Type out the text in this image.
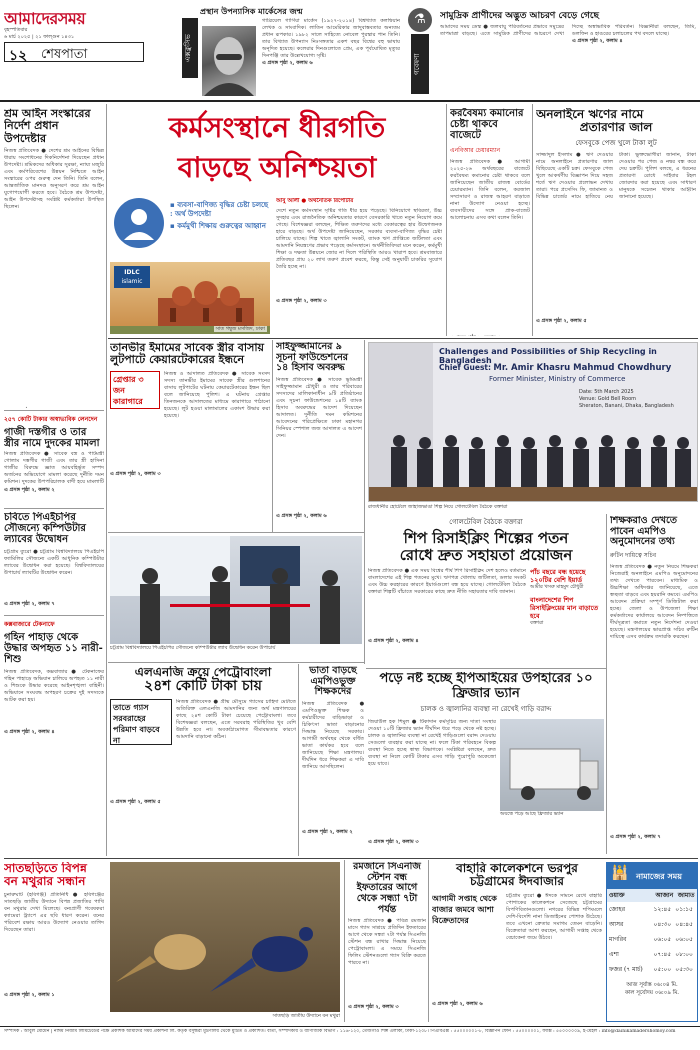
আমাদেরসময়
বৃহস্পতিবার
৬ মার্চ ২০২৫ | ২১ ফাল্গুন ১৪৩১
১২ শেষপাতা	এক্সক্লুসিভ
প্রস্থান উপন্যাসিক মার্কেসের জন্ম
গাব্রিয়েল গার্সিয়া মার্কেস (১৯২৭-২০১৪) বিশ্বখ্যাত কলম্বিয়ান লেখক ও সাংবাদিক। লাতিন আমেরিকার জাদুবাস্তবতার অন্যতম প্রধান রূপকার। ১৯৮২ সালে সাহিত্যে নোবেল পুরস্কার পান তিনি। তার বিখ্যাত উপন্যাস নিঃসঙ্গতার একশ বছর বিশ্বের বহু ভাষায় অনূদিত হয়েছে। কলেরার দিনগুলোতে প্রেম, এক পূর্বঘোষিত মৃত্যুর দিনপঞ্জি তার উল্লেখযোগ্য সৃষ্টি।
এ প্রসঙ্গ পৃষ্ঠা ২, কলাম ৬
⚗
গবেষণা
সামুদ্রিক প্রাণীদের অদ্ভুত আচরণ বেড়ে গেছে
আমাদের সময় ডেস্ক ● জলবায়ু পরিবর্তনের প্রভাবে সমুদ্রের তাপমাত্রা বাড়ছে। এতে সামুদ্রিক প্রাণীদের আচরণে দেখা দিচ্ছে অস্বাভাবিক পরিবর্তন। বিজ্ঞানীরা বলছেন, তিমি, ডলফিন ও হাঙরের চলাচলের পথ বদলে যাচ্ছে।
এ প্রসঙ্গ পৃষ্ঠা ২, কলাম ৪
শ্রম আইন সংস্কারের নির্দেশ প্রধান উপদেষ্টার
নিজস্ব প্রতিবেদক ● দেশের শ্রম আইনের বিভিন্ন ধারায় সংশোধনের দিকনির্দেশনা দিয়েছেন প্রধান উপদেষ্টা। শ্রমিকদের অধিকার সুরক্ষা, ন্যায্য মজুরি এবং কর্মপরিবেশের উন্নয়ন নিশ্চিতে আইন সংস্কারের ওপর গুরুত্ব দেন তিনি। তিনি বলেন, আন্তর্জাতিক মানদণ্ড অনুসরণ করে শ্রম আইন যুগোপযোগী করতে হবে। বৈঠকে শ্রম উপদেষ্টা, আইন উপদেষ্টাসহ সংশ্লিষ্ট কর্মকর্তারা উপস্থিত ছিলেন।
২৫৭ কোটি টাকার অস্বাভাবিক লেনদেন
গাজী দস্তগীর ও তার স্ত্রীর নামে দুদকের মামলা
নিজস্ব প্রতিবেদক ● সাবেক বস্ত্র ও পাটমন্ত্রী গোলাম দস্তগীর গাজী এবং তার স্ত্রী হাসিনা গাজীর বিরুদ্ধে জ্ঞাত আয়বহির্ভূত সম্পদ অর্জনের অভিযোগে মামলা করেছে দুর্নীতি দমন কমিশন। দুদকের উপপরিচালক বাদী হয়ে মামলাটি
এ প্রসঙ্গ পৃষ্ঠা ২, কলাম ২
চবিতে পিএইচপির সৌজন্যে কম্পিউটার ল্যাবের উদ্বোধন
চট্টগ্রাম ব্যুরো ● চট্টগ্রাম বিশ্ববিদ্যালয়ে পিএইচপি ফ্যামিলির সৌজন্যে একটি আধুনিক কম্পিউটার ল্যাবের উদ্বোধন করা হয়েছে। বিশ্ববিদ্যালয়ের উপাচার্য ল্যাবটির উদ্বোধন করেন।
এ প্রসঙ্গ পৃষ্ঠা ২, কলাম ৭
কক্সবাজারে টেকনাফে
গহিন পাহাড় থেকে উদ্ধার অপহৃত ১১ নারী-শিশু
নিজস্ব প্রতিবেদক, কক্সবাজার ● টেকনাফের গহিন পাহাড়ে অভিযান চালিয়ে অপহৃত ১১ নারী ও শিশুকে উদ্ধার করেছে আইনশৃঙ্খলা বাহিনী। অভিযানে সংঘবদ্ধ অপহরণ চক্রের দুই সদস্যকে আটক করা হয়।
এ প্রসঙ্গ পৃষ্ঠা ২, কলাম ৪
কর্মসংস্থানে ধীরগতি
বাড়ছে অনিশ্চয়তা
▪ ব্যবসা-বাণিজ্য বৃদ্ধির চেষ্টা চলছে : অর্থ উপদেষ্টা
▪ কর্মমুখী শিক্ষায় গুরুত্বের আহ্বান
আবু আলী ● অর্থনৈতিক রিপোর্টার
দেশে নতুন কর্মসংস্থান সৃষ্টির গতি ধীর হয়ে পড়েছে। বিনিয়োগে স্থবিরতা, উচ্চ সুদহার এবং রাজনৈতিক অনিশ্চয়তার কারণে বেসরকারি খাতে নতুন নিয়োগ কমে গেছে। বিশেষজ্ঞরা বলছেন, শিক্ষিত তরুণদের মধ্যে বেকারত্বের হার উদ্বেগজনক হারে বাড়ছে। অর্থ উপদেষ্টা জানিয়েছেন, সরকার ব্যবসা-বাণিজ্য বৃদ্ধির চেষ্টা চালিয়ে যাচ্ছে। শিল্প খাতে জ্বালানি সংকট, ব্যাংক ঋণ প্রাপ্তিতে জটিলতা এবং আমদানি নিয়ন্ত্রণের প্রভাব পড়েছে কর্মসংস্থানে। অর্থনীতিবিদরা মনে করেন, কর্মমুখী শিক্ষা ও দক্ষতা উন্নয়নে জোর না দিলে পরিস্থিতি আরও খারাপ হবে। শ্রমবাজারে প্রতিবছর প্রায় ২০ লাখ তরুণ প্রবেশ করছে, কিন্তু সেই অনুযায়ী চাকরির সুযোগ তৈরি হচ্ছে না।
এ প্রসঙ্গ পৃষ্ঠা ২, কলাম ৩
IDLC
islamic
সাত গম্বুজ মসজিদ, ঢাকা
করবৈষম্য কমানোর চেষ্টা থাকবে বাজেটে
এনবিআর চেয়ারম্যান
নিজস্ব প্রতিবেদক ● আগামী ২০২৫-২৬ অর্থবছরের বাজেটে করবৈষম্য কমানোর চেষ্টা থাকবে বলে জানিয়েছেন জাতীয় রাজস্ব বোর্ডের চেয়ারম্যান। তিনি বলেন, করজাল সম্প্রসারণ ও রাজস্ব আহরণ বাড়াতে নানা উদ্যোগ নেওয়া হচ্ছে। ব্যবসায়ীদের সঙ্গে প্রাক-বাজেট আলোচনায় এসব কথা বলেন তিনি।
অনলাইনে ঋণের নামে
প্রতারণার জাল
ফেসবুকে পেজ খুলে টাকা লুট
সাজ্জাদুল ইসলাম ● ঋণ দেওয়ার নামে অনলাইনে প্রতারণার জাল বিছিয়েছে একটি চক্র। ফেসবুকে পেজ খুলে আকর্ষণীয় বিজ্ঞাপন দিয়ে সহজ শর্তে ঋণ দেওয়ার প্রলোভন দেখায় তারা। পরে প্রসেসিং ফি, জামানত ও বিভিন্ন চার্জের নামে হাতিয়ে নেয় টাকা। ভুক্তভোগীরা জানান, টাকা দেওয়ার পর পেজ ও নম্বর বন্ধ করে দেয় চক্রটি। পুলিশ বলছে, এ ধরনের প্রতারণা রোধে সাইবার টহল জোরদার করা হয়েছে এবং সাধারণ মানুষকে সচেতন থাকার আহ্বান জানানো হয়েছে।
এ প্রসঙ্গ পৃষ্ঠা ২, কলাম ৫
তানভীর ইমামের সাবেক স্ত্রীর বাসায় লুটপাটে কেয়ারটেকারের ইন্ধনে
গ্রেপ্তার ৩ জন কারাগারে
নিজস্ব ও আদালত প্রতিবেদক ● সাবেক সংসদ সদস্য তানভীর ইমামের সাবেক স্ত্রীর গুলশানের বাসায় লুটপাটের ঘটনায় কেয়ারটেকারের ইন্ধন ছিল বলে জানিয়েছে পুলিশ। এ ঘটনায় গ্রেপ্তার তিনজনকে আদালতের মাধ্যমে কারাগারে পাঠানো হয়েছে। লুট হওয়া মালামালের একাংশ উদ্ধার করা হয়েছে।
এ প্রসঙ্গ পৃষ্ঠা ২, কলাম ৩
সাইফুজ্জামানের ৯ সূচনা ফাউন্ডেশনের ১৪ হিসাব অবরুদ্ধ
নিজস্ব প্রতিবেদক ● সাবেক ভূমিমন্ত্রী সাইফুজ্জামান চৌধুরী ও তার পরিবারের সদস্যদের মালিকানাধীন ৯টি প্রতিষ্ঠানের এবং সূচনা ফাউন্ডেশনের ১৪টি ব্যাংক হিসাব অবরুদ্ধের আদেশ দিয়েছেন আদালত। দুর্নীতি দমন কমিশনের আবেদনের পরিপ্রেক্ষিতে ঢাকা মহানগর সিনিয়র স্পেশাল জজ আদালত এ আদেশ দেন।
এ প্রসঙ্গ পৃষ্ঠা ২, কলাম ৬
Challenges and Possibilities of Ship Recycling in Bangladesh
Chief Guest: Mr. Amir Khasru Mahmud Chowdhury
Former Minister, Ministry of Commerce
Date: 5th March 2025
Venue: Gold Bell Room
Sheraton, Banani, Dhaka, Bangladesh
রাজধানীর হোটেলে জাহাজভাঙা শিল্প নিয়ে গোলটেবিল বৈঠকে বক্তারা
চট্টগ্রাম বিশ্ববিদ্যালয়ে পিএইচপির সৌজন্যে কম্পিউটার ল্যাব উদ্বোধন করেন উপাচার্য
গোলটেবিল বৈঠকে বক্তারা
শিপ রিসাইক্লিং শিল্পের পতন
রোধে দ্রুত সহায়তা প্রয়োজন
নিজস্ব প্রতিবেদক ● এক সময় বিশ্বের শীর্ষ শিপ রিসাইক্লিং দেশ হলেও বর্তমানে বাংলাদেশের এই শিল্প পতনের মুখে। ঋণপত্র খোলায় জটিলতা, ডলার সংকট এবং উচ্চ করহারের কারণে ইয়ার্ডগুলো বন্ধ হয়ে যাচ্ছে। গোলটেবিল বৈঠকে বক্তারা শিল্পটি বাঁচাতে সরকারের কাছে দ্রুত নীতি সহায়তার দাবি জানান।
পাঁচ বছরে বন্ধ হয়েছে ১২০টির বেশি ইয়ার্ড
আমীর খসরু মাহমুদ চৌধুরী
বাংলাদেশের শিপ রিসাইক্লিংয়ের মান বাড়াতে হবে
বক্তারা
এ প্রসঙ্গ পৃষ্ঠা ২, কলাম ৪
শিক্ষকরাও দেখতে পাবেন এমপিও অনুমোদনের তথ্য
রুটিন দায়িত্বে সচিব
নিজস্ব প্রতিবেদক ● নতুন নিয়মে শিক্ষকরা নিজেরাই অনলাইনে এমপিও অনুমোদনের তথ্য দেখতে পারবেন। মাধ্যমিক ও উচ্চশিক্ষা অধিদপ্তর জানিয়েছে, এতে স্বচ্ছতা বাড়বে এবং হয়রানি কমবে। এমপিও আবেদন প্রক্রিয়া সম্পূর্ণ ডিজিটাল করা হচ্ছে। জেলা ও উপজেলা শিক্ষা কর্মকর্তাদের কার্যালয়ে আবেদন নিষ্পত্তিতে দীর্ঘসূত্রতা কমাতে নতুন নির্দেশনা দেওয়া হয়েছে। মন্ত্রণালয়ের ভারপ্রাপ্ত সচিব রুটিন দায়িত্বে এসব কার্যক্রম তদারকি করছেন।
এ প্রসঙ্গ পৃষ্ঠা ২, কলাম ৭
এলএনজি ক্রয়ে পেট্রোবাংলা
২৪শ কোটি টাকা চায়
তাতে গ্যাস সরবরাহের পরিমাণ বাড়বে না
নিজস্ব প্রতিবেদক ● গ্রীষ্ম মৌসুমে গ্যাসের চাহিদা মেটাতে অতিরিক্ত এলএনজি আমদানির জন্য অর্থ মন্ত্রণালয়ের কাছে ২৪শ কোটি টাকা চেয়েছে পেট্রোবাংলা। তবে বিশেষজ্ঞরা বলছেন, এতে সরবরাহ পরিস্থিতির খুব বেশি উন্নতি হবে না। অবকাঠামোগত সীমাবদ্ধতার কারণে আমদানি বাড়ানো কঠিন।
এ প্রসঙ্গ পৃষ্ঠা ২, কলাম ৫
ভাতা বাড়ছে এমপিওভুক্ত শিক্ষকদের
নিজস্ব প্রতিবেদক ● এমপিওভুক্ত শিক্ষক ও কর্মচারীদের বাড়িভাড়া ও চিকিৎসা ভাতা বাড়ানোর সিদ্ধান্ত নিয়েছে সরকার। আগামী অর্থবছর থেকে বর্ধিত ভাতা কার্যকর হবে বলে জানিয়েছে শিক্ষা মন্ত্রণালয়। দীর্ঘদিন ধরে শিক্ষকরা এ দাবি জানিয়ে আসছিলেন।
এ প্রসঙ্গ পৃষ্ঠা ২, কলাম ২
পড়ে নষ্ট হচ্ছে ইপিআইয়ের উপহারের ১০ ফ্রিজার ভ্যান
চালক ও জ্বালানির ব্যবস্থা না রেখেই গাড়ি বরাদ্দ
জিয়াউল হক শিমুল ● টিকাদান কর্মসূচির জন্য দাতা সংস্থার দেওয়া ১০টি ফ্রিজার ভ্যান দীর্ঘদিন ধরে পড়ে থেকে নষ্ট হচ্ছে। চালক ও জ্বালানির ব্যবস্থা না রেখেই গাড়িগুলো বরাদ্দ দেওয়ায় সেগুলো ব্যবহার করা যাচ্ছে না। ফলে টিকা পরিবহনে বিকল্প ব্যবস্থা নিতে হচ্ছে স্বাস্থ্য বিভাগকে। সংশ্লিষ্টরা বলছেন, দ্রুত ব্যবস্থা না নিলে কোটি টাকার এসব গাড়ি পুরোপুরি অকেজো হয়ে যাবে।
অযত্নে পড়ে আছে ফ্রিজার ভ্যান
এ প্রসঙ্গ পৃষ্ঠা ২, কলাম ৩
সাতছড়িতে বিপন্ন বন মথুরার সন্ধান
চুনারুঘাট (হবিগঞ্জ) প্রতিনিধি ● হবিগঞ্জের সাতছড়ি জাতীয় উদ্যানে বিপন্ন প্রজাতির পাখি বন মথুরার দেখা মিলেছে। বন্যপ্রাণী গবেষকরা ক্যামেরা ট্র্যাপে এর ছবি ধারণ করেন। বনের পরিবেশ রক্ষায় আরও উদ্যোগ নেওয়ার তাগিদ দিয়েছেন তারা।
এ প্রসঙ্গ পৃষ্ঠা ২, কলাম ১
সাতছড়ি জাতীয় উদ্যানে বন মথুরা
রমজানে সিএনজি স্টেশন বন্ধ ইফতারের আগে থেকে সন্ধ্যা ৭টা পর্যন্ত
নিজস্ব প্রতিবেদক ● পবিত্র রমজান মাসে গ্যাস সাশ্রয়ে প্রতিদিন ইফতারের আগে থেকে সন্ধ্যা ৭টা পর্যন্ত সিএনজি স্টেশন বন্ধ রাখার সিদ্ধান্ত নিয়েছে পেট্রোবাংলা। এ সময়ে সিএনজি ফিলিং স্টেশনগুলো গ্যাস বিক্রি করতে পারবে না।
এ প্রসঙ্গ পৃষ্ঠা ২, কলাম ৩
বাহারি কালেকশনে ভরপুর
চট্টগ্রামের ঈদবাজার
আগামী সপ্তাহ থেকে বাজার জমবে আশা বিক্রেতাদের
চট্টগ্রাম ব্যুরো ● ঈদকে সামনে রেখে বাহারি পোশাকের কালেকশনে সেজেছে চট্টগ্রামের বিপণিবিতানগুলো। নগরের বিভিন্ন শপিংমলে দেশি-বিদেশি নানা ডিজাইনের পোশাক উঠেছে। তবে এখনো ক্রেতার সমাগম তেমন বাড়েনি। বিক্রেতারা আশা করছেন, আগামী সপ্তাহ থেকে বেচাকেনা জমে উঠবে।
এ প্রসঙ্গ পৃষ্ঠা ২, কলাম ৬
🕌 নামাজের সময়
ওয়াক্ত	আজান	জামাত
জোহর	১২:৪৫	০১:১৫
আসর	০৪:৩০	০৪:৪৫
মাগরিব	০৬:০৫	০৬:০৫
এশা	০৭:৪৫	০৮:০০
ফজর (৭ মার্চ)	০৫:০০	০৫:৩০
আজ সূর্যাস্ত ০৬:০৪ মি.
কাল সূর্যোদয় ০৬:০৯ মি.
সম্পাদক : আবুল মোমেন | নাঈম নিজাম লিমিটেডের পক্ষে প্রকাশক আমাদের সময় প্রকাশনা লি. কর্তৃক বসুন্ধরা মুদ্রণালয় থেকে মুদ্রিত ও প্রকাশিত। বার্তা, সম্পাদকীয় ও বাণিজ্যিক বিভাগ : ১১৬-১২০, তেজগাঁও শিল্প এলাকা, ঢাকা-১২০৮। পিএবিএক্স : ৫৫০০০০০১-৮, বিজ্ঞাপন ফোন : ৫৫০০০০০১, ফ্যাক্স : ৫৫০০০০০৯, ই-মেইল : info@dainikamadershomoy.com
